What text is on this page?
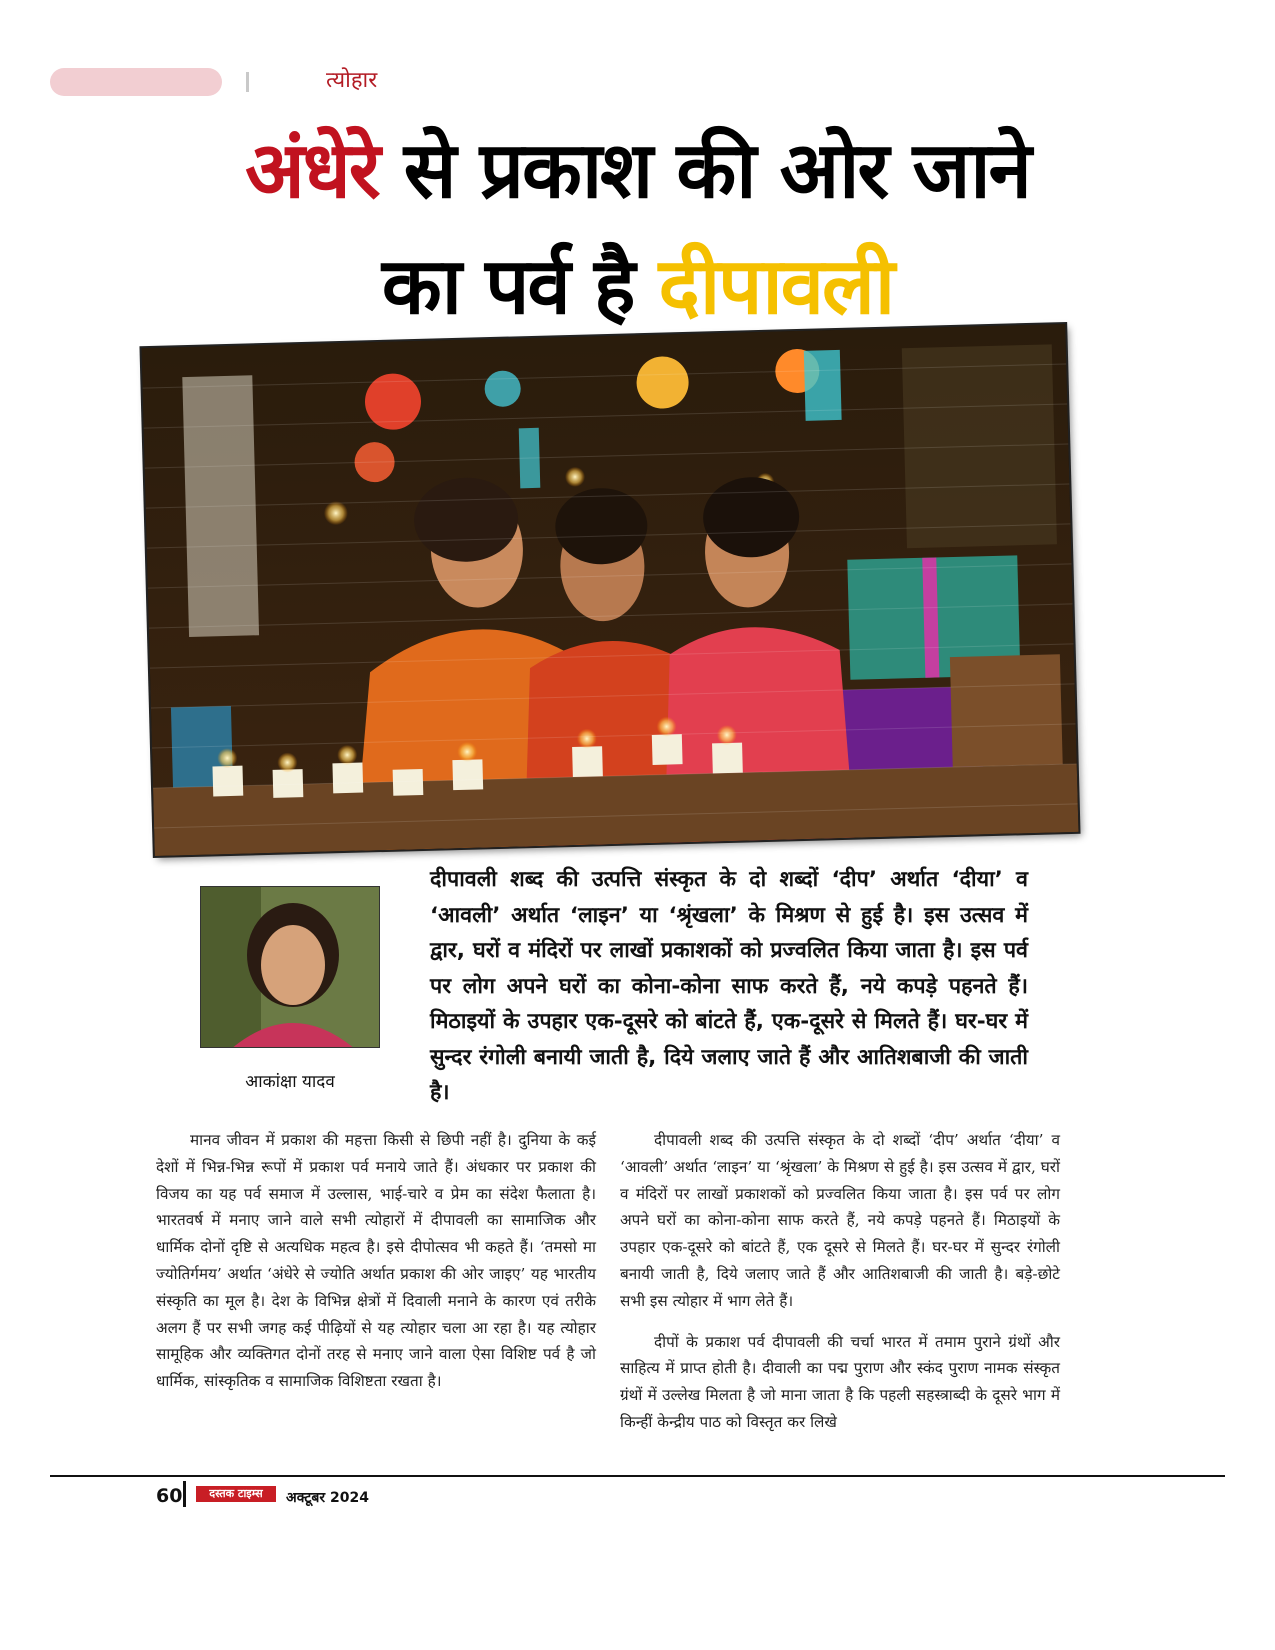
त्योहार
अंधेरे से प्रकाश की ओर जाने
का पर्व है दीपावली
आकांक्षा यादव
दीपावली शब्द की उत्पत्ति संस्कृत के दो शब्दों ‘दीप’ अर्थात ‘दीया’ व ‘आवली’ अर्थात ‘लाइन’ या ‘श्रृंखला’ के मिश्रण से हुई है। इस उत्सव में द्वार, घरों व मंदिरों पर लाखों प्रकाशकों को प्रज्वलित किया जाता है। इस पर्व पर लोग अपने घरों का कोना-कोना साफ करते हैं, नये कपड़े पहनते हैं। मिठाइयों के उपहार एक-दूसरे को बांटते हैं, एक-दूसरे से मिलते हैं। घर-घर में सुन्दर रंगोली बनायी जाती है, दिये जलाए जाते हैं और आतिशबाजी की जाती है।

मानव जीवन में प्रकाश की महत्ता किसी से छिपी नहीं है। दुनिया के कई देशों में भिन्न-भिन्न रूपों में प्रकाश पर्व मनाये जाते हैं। अंधकार पर प्रकाश की विजय का यह पर्व समाज में उल्लास, भाई-चारे व प्रेम का संदेश फैलाता है। भारतवर्ष में मनाए जाने वाले सभी त्योहारों में दीपावली का सामाजिक और धार्मिक दोनों दृष्टि से अत्यधिक महत्व है। इसे दीपोत्सव भी कहते हैं। ‘तमसो मा ज्योतिर्गमय’ अर्थात ‘अंधेरे से ज्योति अर्थात प्रकाश की ओर जाइए’ यह भारतीय संस्कृति का मूल है। देश के विभिन्न क्षेत्रों में दिवाली मनाने के कारण एवं तरीके अलग हैं पर सभी जगह कई पीढ़ियों से यह त्योहार चला आ रहा है। यह त्योहार सामूहिक और व्यक्तिगत दोनों तरह से मनाए जाने वाला ऐसा विशिष्ट पर्व है जो धार्मिक, सांस्कृतिक व सामाजिक विशिष्टता रखता है।

दीपावली शब्द की उत्पत्ति संस्कृत के दो शब्दों ‘दीप’ अर्थात ‘दीया’ व ‘आवली’ अर्थात ‘लाइन’ या ‘श्रृंखला’ के मिश्रण से हुई है। इस उत्सव में द्वार, घरों व मंदिरों पर लाखों प्रकाशकों को प्रज्वलित किया जाता है। इस पर्व पर लोग अपने घरों का कोना-कोना साफ करते हैं, नये कपड़े पहनते हैं। मिठाइयों के उपहार एक-दूसरे को बांटते हैं, एक दूसरे से मिलते हैं। घर-घर में सुन्दर रंगोली बनायी जाती है, दिये जलाए जाते हैं और आतिशबाजी की जाती है। बड़े-छोटे सभी इस त्योहार में भाग लेते हैं।

दीपों के प्रकाश पर्व दीपावली की चर्चा भारत में तमाम पुराने ग्रंथों और साहित्य में प्राप्त होती है। दीवाली का पद्म पुराण और स्कंद पुराण नामक संस्कृत ग्रंथों में उल्लेख मिलता है जो माना जाता है कि पहली सहस्त्राब्दी के दूसरे भाग में किन्हीं केन्द्रीय पाठ को विस्तृत कर लिखे

60	दस्तक टाइम्स	अक्टूबर 2024
